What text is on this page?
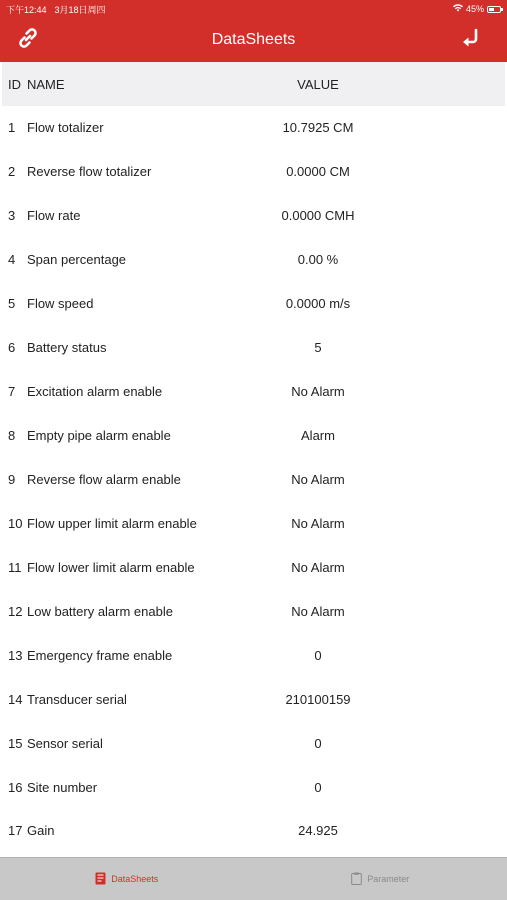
下午12:44 3月18日周四	45%
DataSheets
ID NAME	VALUE
1 Flow totalizer	10.7925 CM
2 Reverse flow totalizer	0.0000 CM
3 Flow rate	0.0000 CMH
4 Span percentage	0.00 %
5 Flow speed	0.0000 m/s
6 Battery status	5
7 Excitation alarm enable	No Alarm
8 Empty pipe alarm enable	Alarm
9 Reverse flow alarm enable	No Alarm
10 Flow upper limit alarm enable	No Alarm
11 Flow lower limit alarm enable	No Alarm
12 Low battery alarm enable	No Alarm
13 Emergency frame enable	0
14 Transducer serial	210100159
15 Sensor serial	0
16 Site number	0
17 Gain	24.925
DataSheets	Parameter
